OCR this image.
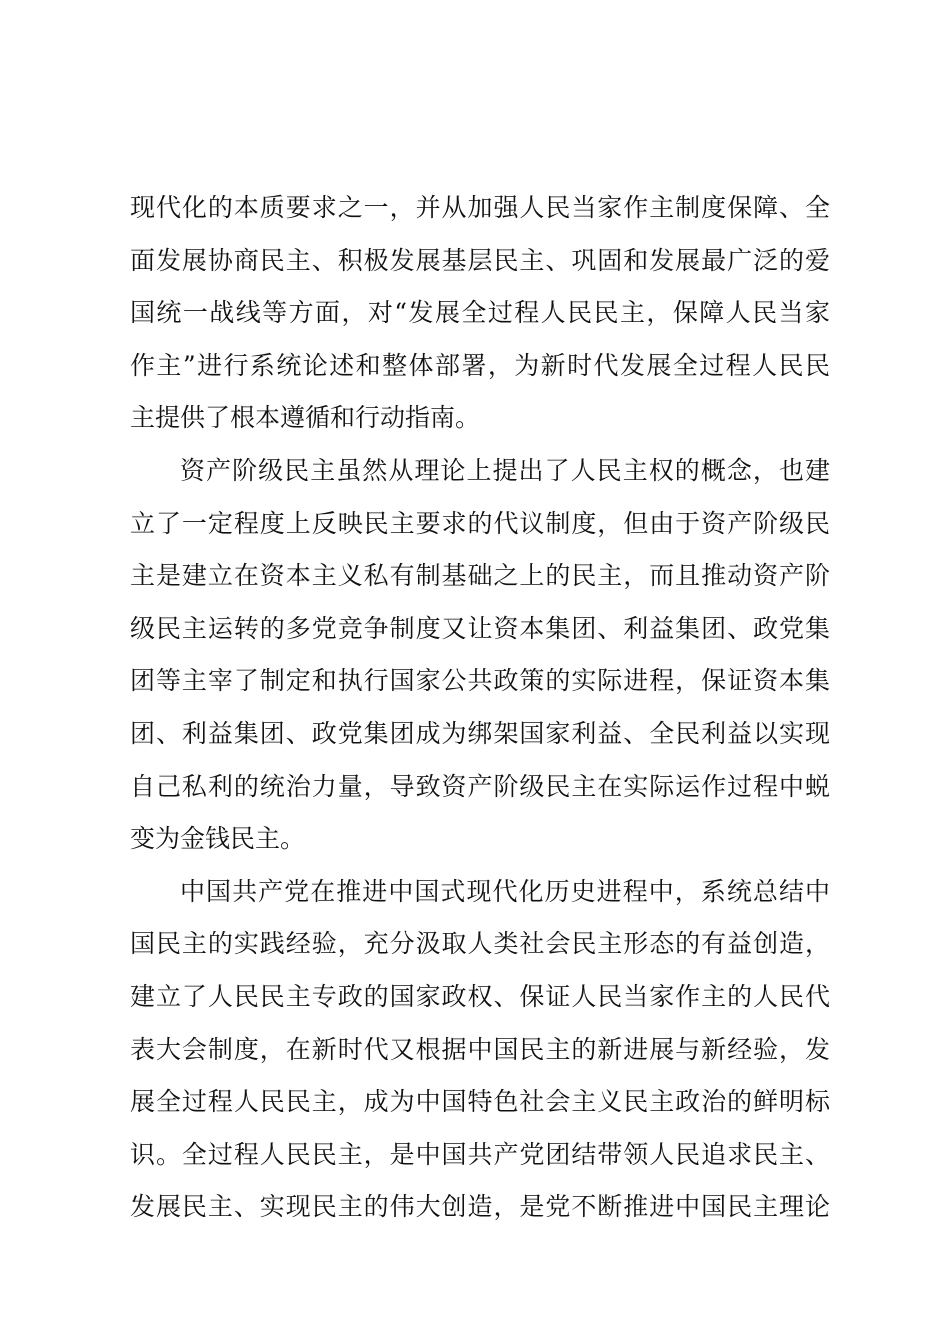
现代化的本质要求之一，并从加强人民当家作主制度保障、全
面发展协商民主、积极发展基层民主、巩固和发展最广泛的爱
国统一战线等方面，对“发展全过程人民民主，保障人民当家
作主”进行系统论述和整体部署，为新时代发展全过程人民民
主提供了根本遵循和行动指南。
资产阶级民主虽然从理论上提出了人民主权的概念，也建
立了一定程度上反映民主要求的代议制度，但由于资产阶级民
主是建立在资本主义私有制基础之上的民主，而且推动资产阶
级民主运转的多党竞争制度又让资本集团、利益集团、政党集
团等主宰了制定和执行国家公共政策的实际进程，保证资本集
团、利益集团、政党集团成为绑架国家利益、全民利益以实现
自己私利的统治力量，导致资产阶级民主在实际运作过程中蜕
变为金钱民主。
中国共产党在推进中国式现代化历史进程中，系统总结中
国民主的实践经验，充分汲取人类社会民主形态的有益创造，
建立了人民民主专政的国家政权、保证人民当家作主的人民代
表大会制度，在新时代又根据中国民主的新进展与新经验，发
展全过程人民民主，成为中国特色社会主义民主政治的鲜明标
识。全过程人民民主，是中国共产党团结带领人民追求民主、
发展民主、实现民主的伟大创造，是党不断推进中国民主理论
